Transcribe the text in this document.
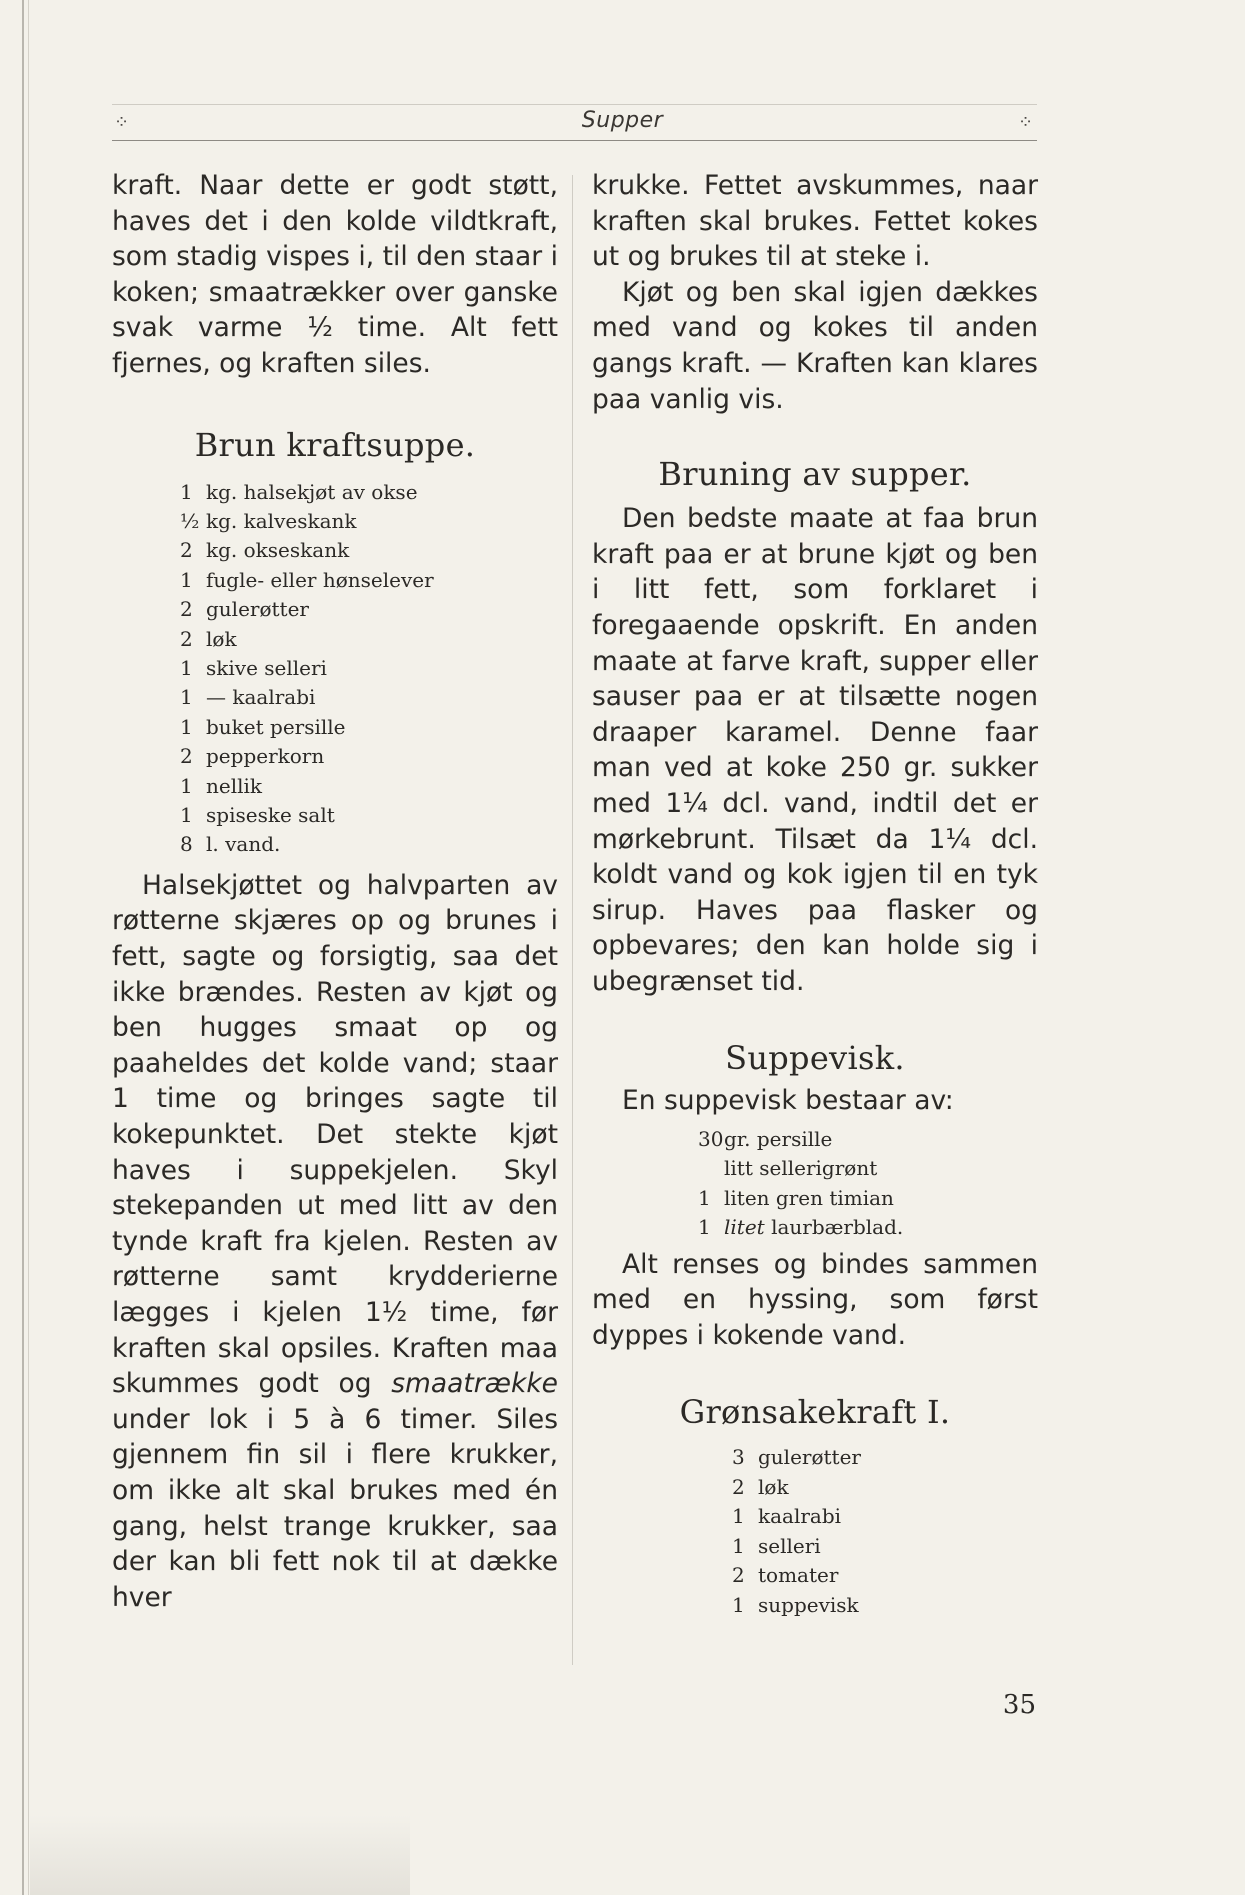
⁘	Supper	⁘

kraft. Naar dette er godt støtt, haves det i den kolde vildtkraft, som stadig vispes i, til den staar i koken; smaatrækker over ganske svak varme ½ time. Alt fett fjernes, og kraften siles.

Brun kraftsuppe.
1 kg. halsekjøt av okse
½ kg. kalveskank
2 kg. okseskank
1 fugle- eller hønselever
2 gulerøtter
2 løk
1 skive selleri
1 — kaalrabi
1 buket persille
2 pepperkorn
1 nellik
1 spiseske salt
8 l. vand.

Halsekjøttet og halvparten av røtterne skjæres op og brunes i fett, sagte og forsigtig, saa det ikke brændes. Resten av kjøt og ben hugges smaat op og paaheldes det kolde vand; staar 1 time og bringes sagte til kokepunktet. Det stekte kjøt haves i suppekjelen. Skyl stekepanden ut med litt av den tynde kraft fra kjelen. Resten av røtterne samt krydderierne lægges i kjelen 1½ time, før kraften skal opsiles. Kraften maa skummes godt og smaatrække under lok i 5 à 6 timer. Siles gjennem fin sil i flere krukker, om ikke alt skal brukes med én gang, helst trange krukker, saa der kan bli fett nok til at dække hver

krukke. Fettet avskummes, naar kraften skal brukes. Fettet kokes ut og brukes til at steke i.

Kjøt og ben skal igjen dækkes med vand og kokes til anden gangs kraft. — Kraften kan klares paa vanlig vis.

Bruning av supper.

Den bedste maate at faa brun kraft paa er at brune kjøt og ben i litt fett, som forklaret i foregaaende opskrift. En anden maate at farve kraft, supper eller sauser paa er at tilsætte nogen draaper karamel. Denne faar man ved at koke 250 gr. sukker med 1¼ dcl. vand, indtil det er mørkebrunt. Tilsæt da 1¼ dcl. koldt vand og kok igjen til en tyk sirup. Haves paa flasker og opbevares; den kan holde sig i ubegrænset tid.

Suppevisk.

En suppevisk bestaar av:

30gr. persille
litt sellerigrønt
1 liten gren timian
1 litet laurbærblad.

Alt renses og bindes sammen med en hyssing, som først dyppes i kokende vand.

Grønsakekraft I.
3 gulerøtter
2 løk
1 kaalrabi
1 selleri
2 tomater
1 suppevisk
35
